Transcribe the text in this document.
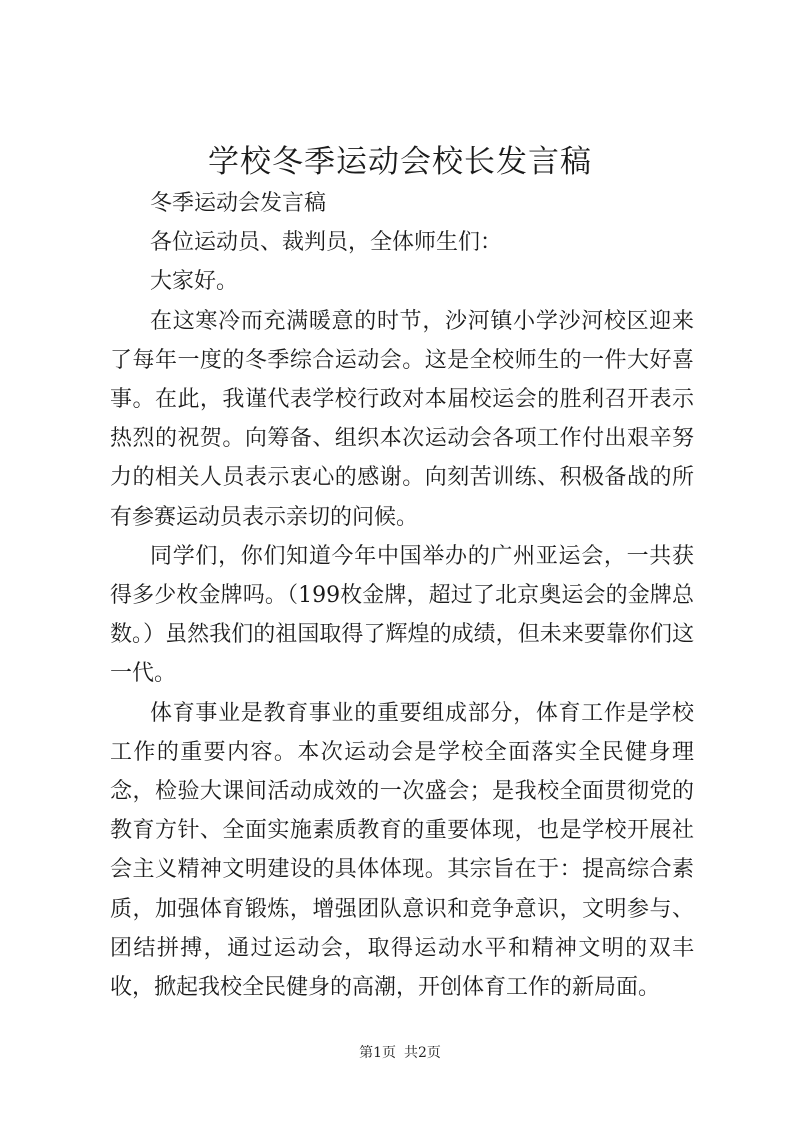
学校冬季运动会校长发言稿

冬季运动会发言稿

各位运动员、裁判员，全体师生们：

大家好。

在这寒冷而充满暖意的时节，沙河镇小学沙河校区迎来了每年一度的冬季综合运动会。这是全校师生的一件大好喜事。在此，我谨代表学校行政对本届校运会的胜利召开表示热烈的祝贺。向筹备、组织本次运动会各项工作付出艰辛努力的相关人员表示衷心的感谢。向刻苦训练、积极备战的所有参赛运动员表示亲切的问候。

同学们，你们知道今年中国举办的广州亚运会，一共获得多少枚金牌吗。（199枚金牌，超过了北京奥运会的金牌总数。）虽然我们的祖国取得了辉煌的成绩，但未来要靠你们这一代。

体育事业是教育事业的重要组成部分，体育工作是学校工作的重要内容。本次运动会是学校全面落实全民健身理念，检验大课间活动成效的一次盛会；是我校全面贯彻党的教育方针、全面实施素质教育的重要体现，也是学校开展社会主义精神文明建设的具体体现。其宗旨在于：提高综合素质，加强体育锻炼，增强团队意识和竞争意识，文明参与、团结拼搏，通过运动会，取得运动水平和精神文明的双丰收，掀起我校全民健身的高潮，开创体育工作的新局面。

第1页 共2页
